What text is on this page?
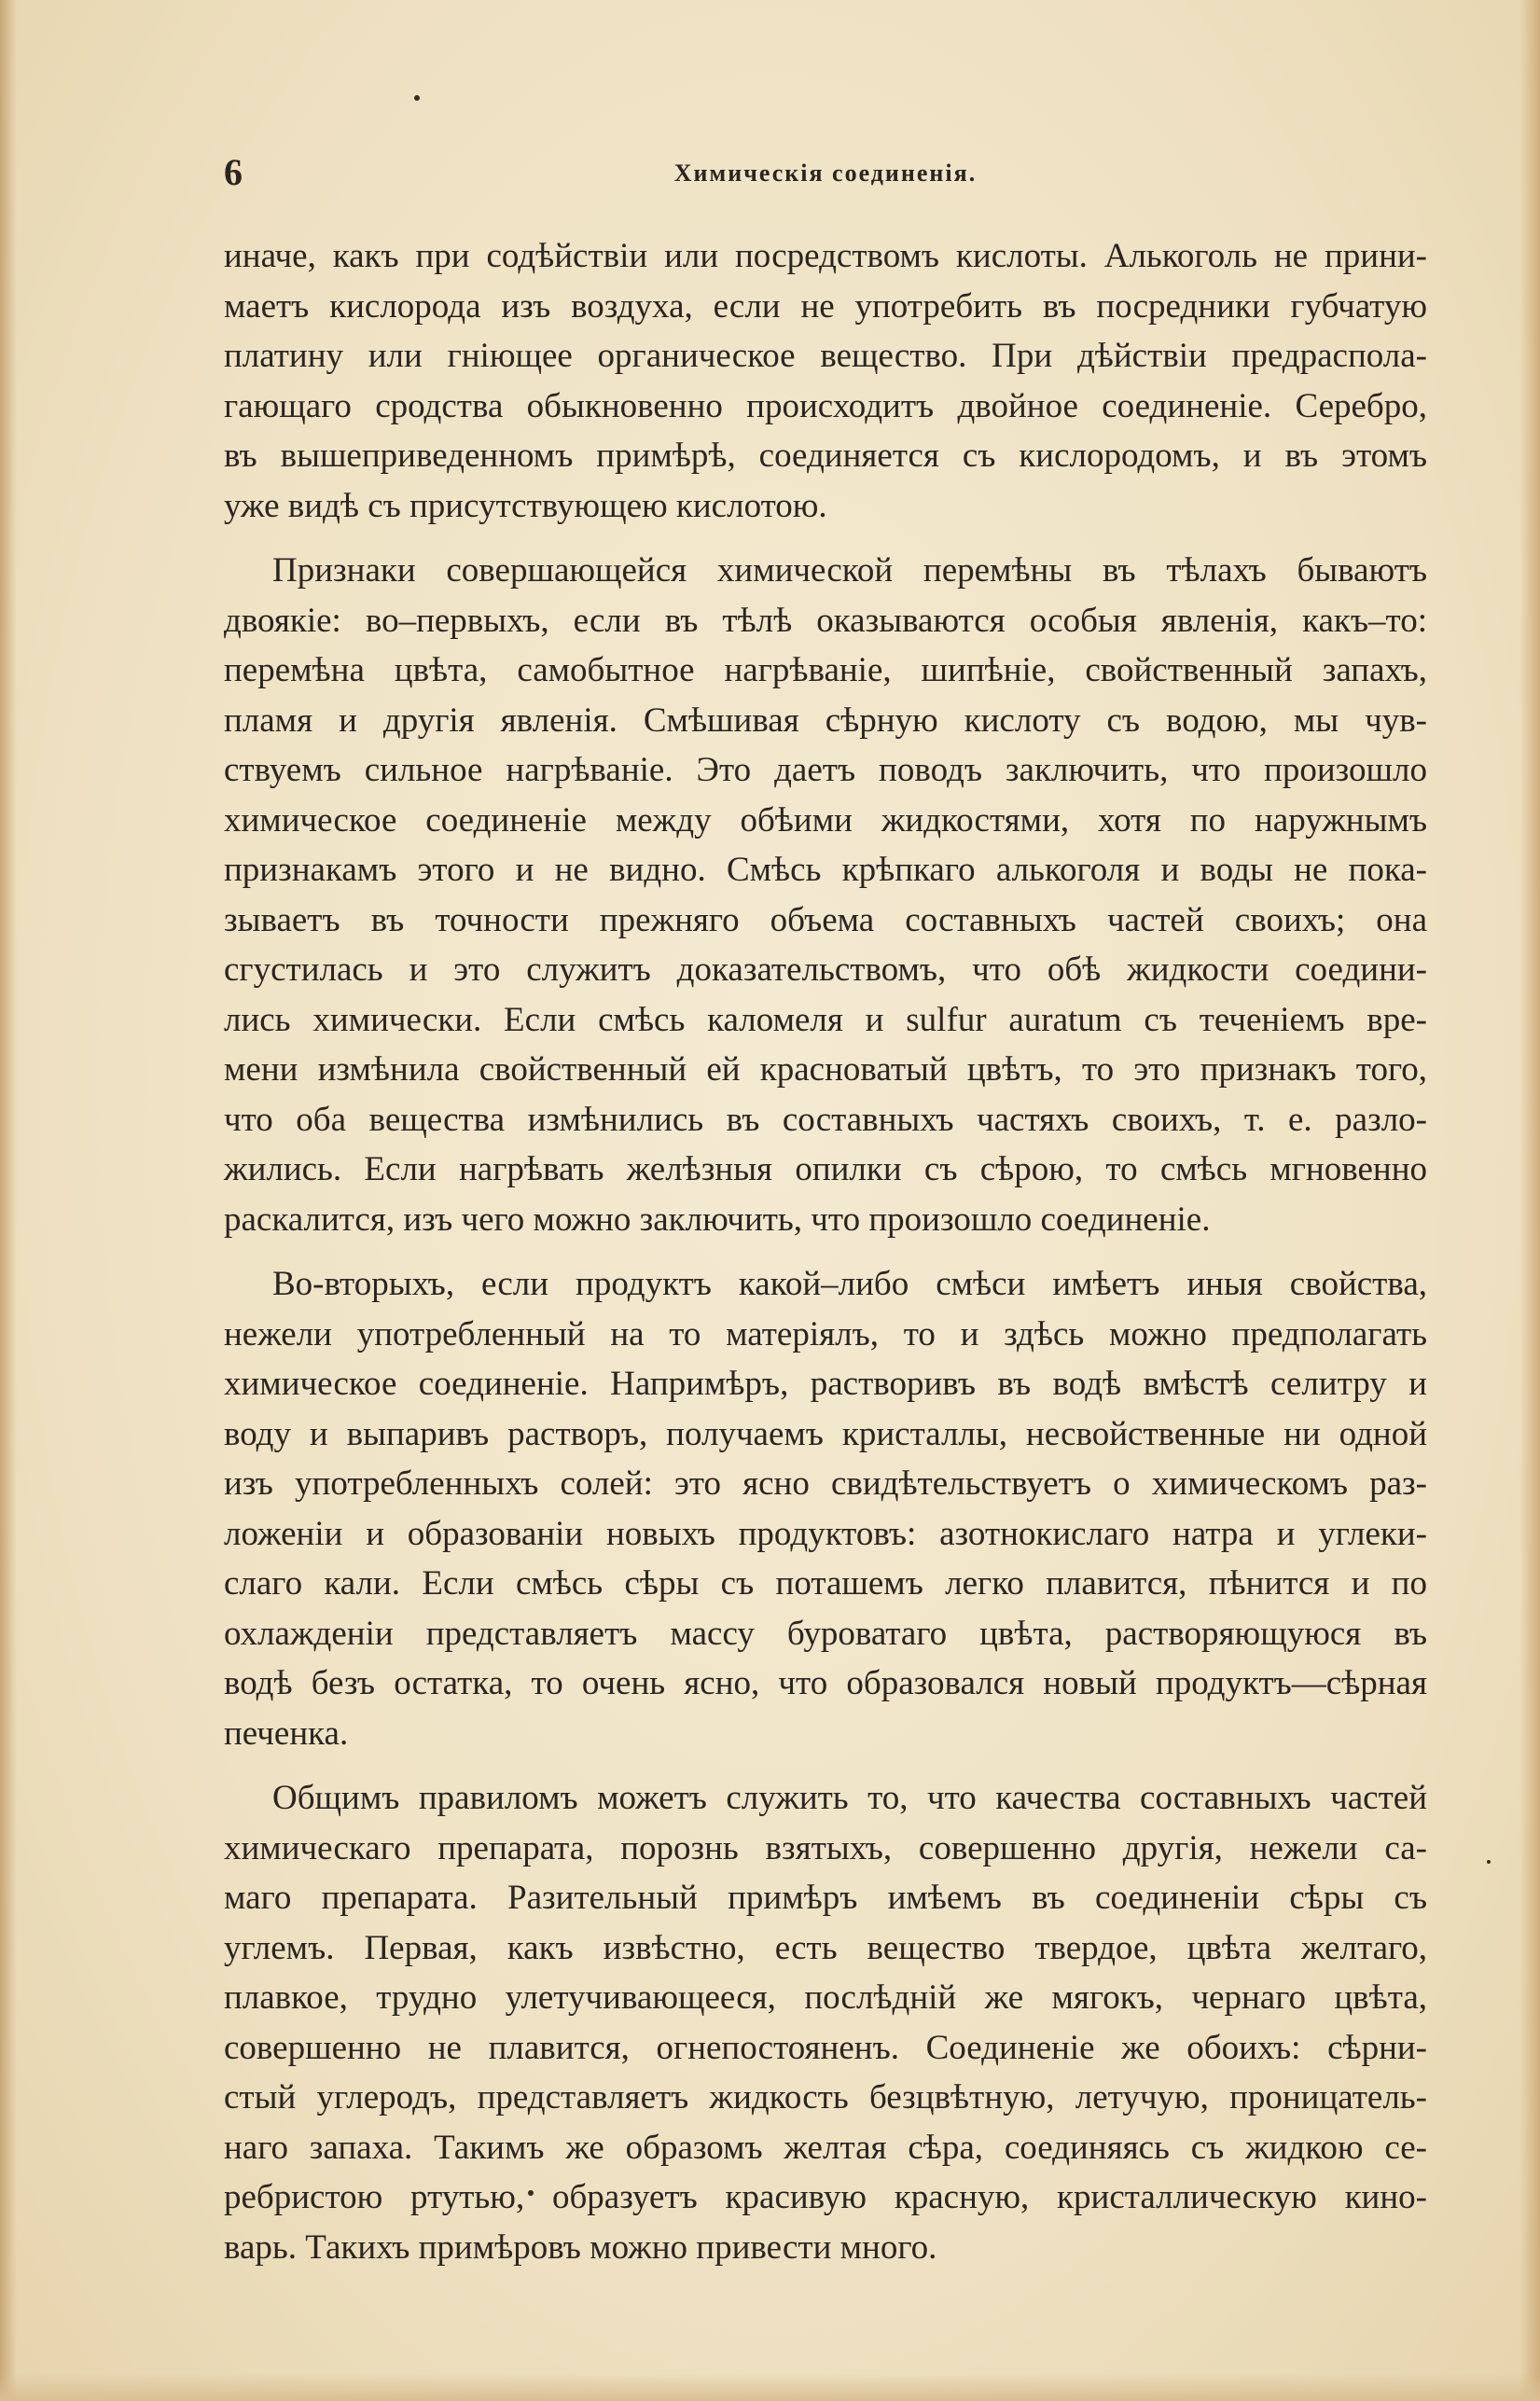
6	Химическія соединенія.
иначе, какъ при содѣйствіи или посредствомъ кислоты. Алькоголь не прини-
маетъ кислорода изъ воздуха, если не употребить въ посредники губчатую
платину или гніющее органическое вещество. При дѣйствіи предраспола-
гающаго сродства обыкновенно происходитъ двойное соединеніе. Серебро,
въ вышеприведенномъ примѣрѣ, соединяется съ кислородомъ, и въ этомъ
уже видѣ съ присутствующею кислотою.
Признаки совершающейся химической перемѣны въ тѣлахъ бываютъ
двоякіе: во–первыхъ, если въ тѣлѣ оказываются особыя явленія, какъ–то:
перемѣна цвѣта, самобытное нагрѣваніе, шипѣніе, свойственный запахъ,
пламя и другія явленія. Смѣшивая сѣрную кислоту съ водою, мы чув-
ствуемъ сильное нагрѣваніе. Это даетъ поводъ заключить, что произошло
химическое соединеніе между обѣими жидкостями, хотя по наружнымъ
признакамъ этого и не видно. Смѣсь крѣпкаго алькоголя и воды не пока-
зываетъ въ точности прежняго объема составныхъ частей своихъ; она
сгустилась и это служитъ доказательствомъ, что обѣ жидкости соедини-
лись химически. Если смѣсь каломеля и sulfur auratum съ теченіемъ вре-
мени измѣнила свойственный ей красноватый цвѣтъ, то это признакъ того,
что оба вещества измѣнились въ составныхъ частяхъ своихъ, т. е. разло-
жились. Если нагрѣвать желѣзныя опилки съ сѣрою, то смѣсь мгновенно
раскалится, изъ чего можно заключить, что произошло соединеніе.
Во-вторыхъ, если продуктъ какой–либо смѣси имѣетъ иныя свойства,
нежели употребленный на то матеріялъ, то и здѣсь можно предполагать
химическое соединеніе. Напримѣръ, растворивъ въ водѣ вмѣстѣ селитру и
воду и выпаривъ растворъ, получаемъ кристаллы, несвойственные ни одной
изъ употребленныхъ солей: это ясно свидѣтельствуетъ о химическомъ раз-
ложеніи и образованіи новыхъ продуктовъ: азотнокислаго натра и углеки-
слаго кали. Если смѣсь сѣры съ поташемъ легко плавится, пѣнится и по
охлажденіи представляетъ массу буроватаго цвѣта, растворяющуюся въ
водѣ безъ остатка, то очень ясно, что образовался новый продуктъ—сѣрная
печенка.
Общимъ правиломъ можетъ служить то, что качества составныхъ частей
химическаго препарата, порознь взятыхъ, совершенно другія, нежели са-
маго препарата. Разительный примѣръ имѣемъ въ соединеніи сѣры съ
углемъ. Первая, какъ извѣстно, есть вещество твердое, цвѣта желтаго,
плавкое, трудно улетучивающееся, послѣдній же мягокъ, чернаго цвѣта,
совершенно не плавится, огнепостояненъ. Соединеніе же обоихъ: сѣрни-
стый углеродъ, представляетъ жидкость безцвѣтную, летучую, проницатель-
наго запаха. Такимъ же образомъ желтая сѣра, соединяясь съ жидкою се-
ребристою ртутью, образуетъ красивую красную, кристаллическую кино-
варь. Такихъ примѣровъ можно привести много.
